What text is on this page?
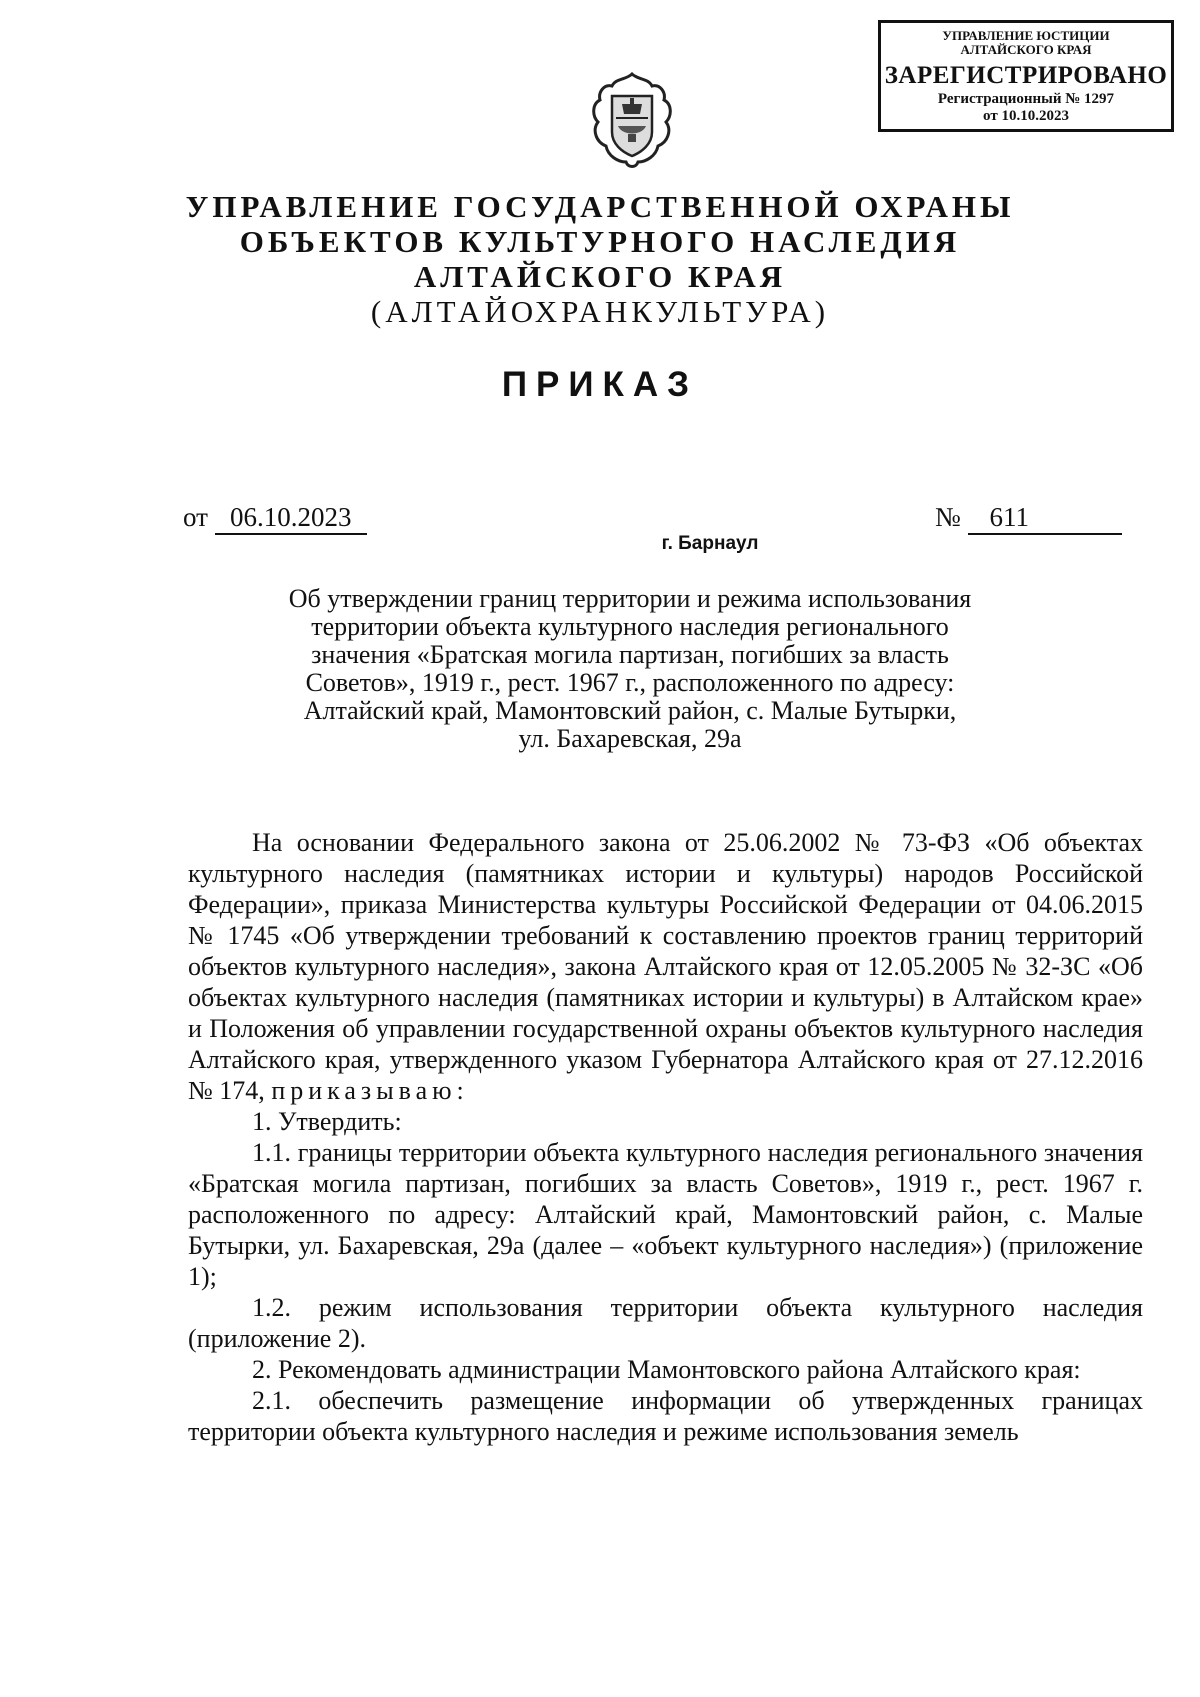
УПРАВЛЕНИЕ ЮСТИЦИИ
АЛТАЙСКОГО КРАЯ
ЗАРЕГИСТРИРОВАНО
Регистрационный № 1297
от 10.10.2023
УПРАВЛЕНИЕ ГОСУДАРСТВЕННОЙ ОХРАНЫ
ОБЪЕКТОВ КУЛЬТУРНОГО НАСЛЕДИЯ
АЛТАЙСКОГО КРАЯ
(АЛТАЙОХРАНКУЛЬТУРА)
ПРИКАЗ
от 06.10.2023	№ 611
г. Барнаул
Об утверждении границ территории и режима использования
территории объекта культурного наследия регионального
значения «Братская могила партизан, погибших за власть
Советов», 1919 г., рест. 1967 г., расположенного по адресу:
Алтайский край, Мамонтовский район, с. Малые Бутырки,
ул. Бахаревская, 29а

На основании Федерального закона от 25.06.2002 № 73-ФЗ «Об объектах культурного наследия (памятниках истории и культуры) народов Российской Федерации», приказа Министерства культуры Российской Федерации от 04.06.2015 № 1745 «Об утверждении требований к составлению проектов границ территорий объектов культурного наследия», закона Алтайского края от 12.05.2005 № 32-ЗС «Об объектах культурного наследия (памятниках истории и культуры) в Алтайском крае» и Положения об управлении государственной охраны объектов культурного наследия Алтайского края, утвержденного указом Губернатора Алтайского края от 27.12.2016 № 174, приказываю:

1. Утвердить:

1.1. границы территории объекта культурного наследия регионального значения «Братская могила партизан, погибших за власть Советов», 1919 г., рест. 1967 г. расположенного по адресу: Алтайский край, Мамонтовский район, с. Малые Бутырки, ул. Бахаревская, 29а (далее – «объект культурного наследия») (приложение 1);

1.2. режим использования территории объекта культурного наследия (приложение 2).

2. Рекомендовать администрации Мамонтовского района Алтайского края:

2.1. обеспечить размещение информации об утвержденных границах территории объекта культурного наследия и режиме использования земель
